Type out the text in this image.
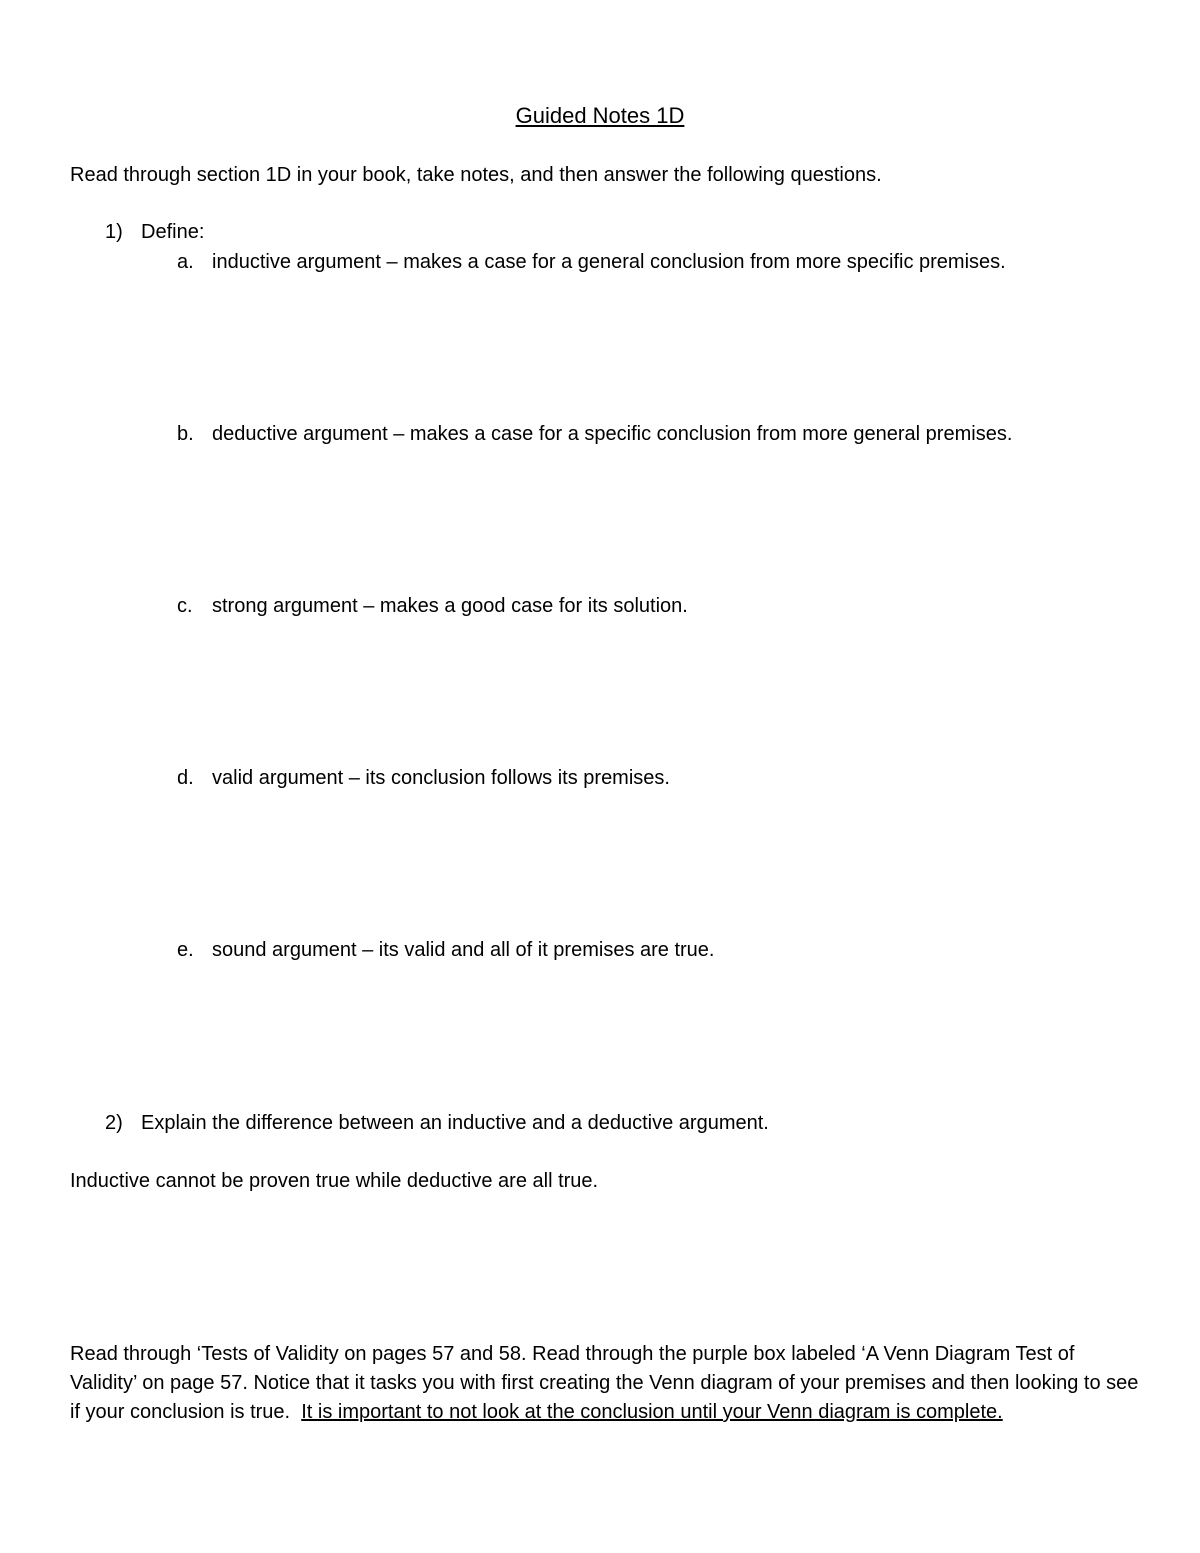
Guided Notes 1D
Read through section 1D in your book, take notes, and then answer the following questions.
1) Define:
a. inductive argument – makes a case for a general conclusion from more specific premises.
b. deductive argument – makes a case for a specific conclusion from more general premises.
c. strong argument – makes a good case for its solution.
d. valid argument – its conclusion follows its premises.
e. sound argument – its valid and all of it premises are true.
2) Explain the difference between an inductive and a deductive argument.
Inductive cannot be proven true while deductive are all true.
Read through ‘Tests of Validity on pages 57 and 58. Read through the purple box labeled ‘A Venn Diagram Test of Validity’ on page 57. Notice that it tasks you with first creating the Venn diagram of your premises and then looking to see if your conclusion is true. It is important to not look at the conclusion until your Venn diagram is complete.
